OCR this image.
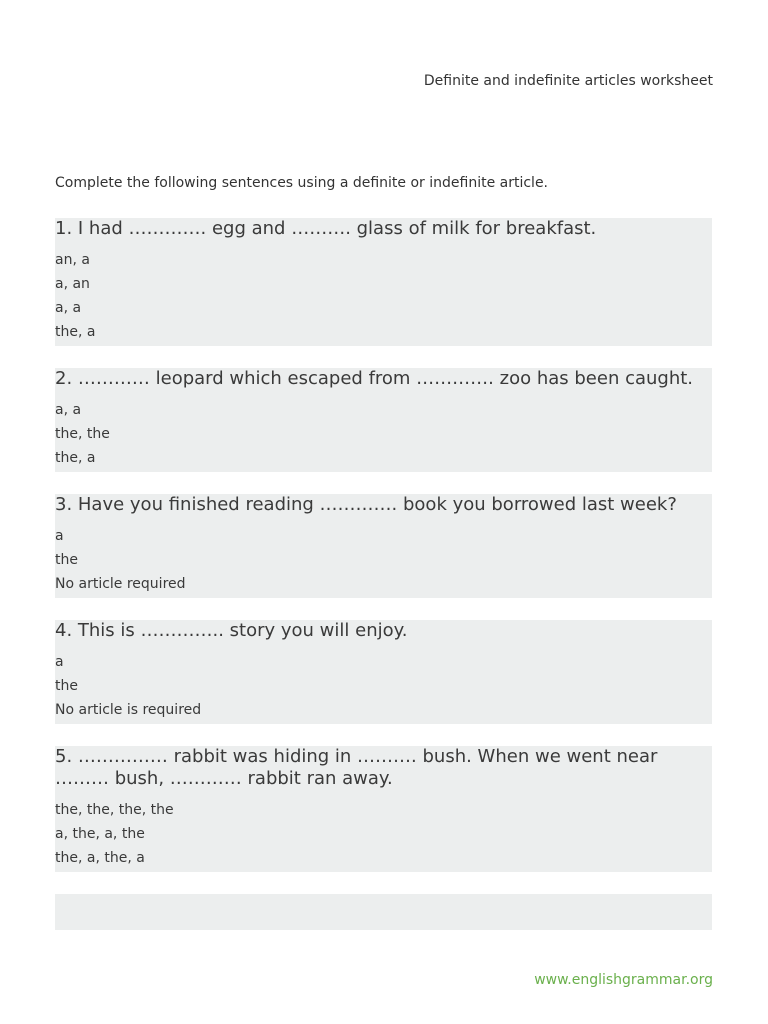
Definite and indefinite articles worksheet
Complete the following sentences using a definite or indefinite article.
1. I had …………. egg and ………. glass of milk for breakfast.
an, a
a, an
a, a
the, a
2. ………… leopard which escaped from …………. zoo has been caught.
a, a
the, the
the, a
3. Have you finished reading …………. book you borrowed last week?
a
the
No article required
4. This is ………….. story you will enjoy.
a
the
No article is required
5. …………… rabbit was hiding in ………. bush. When we went near ……… bush, ………… rabbit ran away.
the, the, the, the
a, the, a, the
the, a, the, a
www.englishgrammar.org
